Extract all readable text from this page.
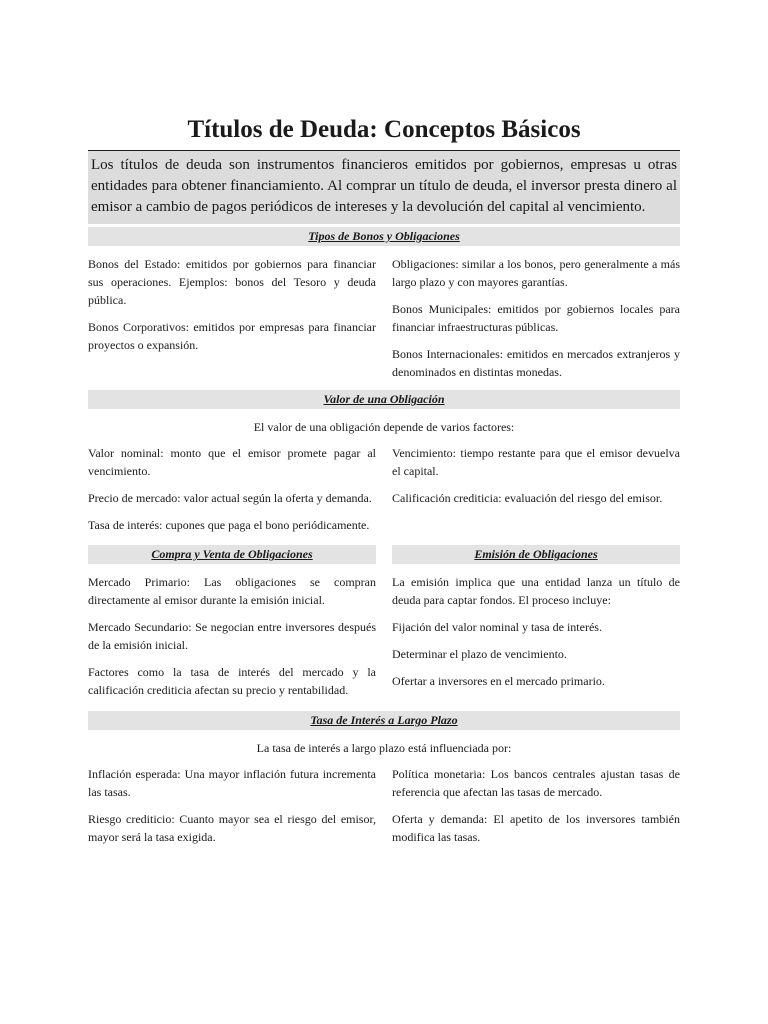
Títulos de Deuda: Conceptos Básicos
Los títulos de deuda son instrumentos financieros emitidos por gobiernos, empresas u otras entidades para obtener financiamiento. Al comprar un título de deuda, el inversor presta dinero al emisor a cambio de pagos periódicos de intereses y la devolución del capital al vencimiento.
Tipos de Bonos y Obligaciones

Bonos del Estado: emitidos por gobiernos para financiar sus operaciones. Ejemplos: bonos del Tesoro y deuda pública.

Bonos Corporativos: emitidos por empresas para financiar proyectos o expansión.

Obligaciones: similar a los bonos, pero generalmente a más largo plazo y con mayores garantías.

Bonos Municipales: emitidos por gobiernos locales para financiar infraestructuras públicas.

Bonos Internacionales: emitidos en mercados extranjeros y denominados en distintas monedas.

Valor de una Obligación
El valor de una obligación depende de varios factores:

Valor nominal: monto que el emisor promete pagar al vencimiento.

Precio de mercado: valor actual según la oferta y demanda.

Tasa de interés: cupones que paga el bono periódicamente.

Vencimiento: tiempo restante para que el emisor devuelva el capital.

Calificación crediticia: evaluación del riesgo del emisor.

Compra y Venta de Obligaciones	Emisión de Obligaciones

Mercado Primario: Las obligaciones se compran directamente al emisor durante la emisión inicial.

Mercado Secundario: Se negocian entre inversores después de la emisión inicial.

Factores como la tasa de interés del mercado y la calificación crediticia afectan su precio y rentabilidad.

La emisión implica que una entidad lanza un título de deuda para captar fondos. El proceso incluye:

Fijación del valor nominal y tasa de interés.

Determinar el plazo de vencimiento.

Ofertar a inversores en el mercado primario.

Tasa de Interés a Largo Plazo
La tasa de interés a largo plazo está influenciada por:

Inflación esperada: Una mayor inflación futura incrementa las tasas.

Riesgo crediticio: Cuanto mayor sea el riesgo del emisor, mayor será la tasa exigida.

Política monetaria: Los bancos centrales ajustan tasas de referencia que afectan las tasas de mercado.

Oferta y demanda: El apetito de los inversores también modifica las tasas.
